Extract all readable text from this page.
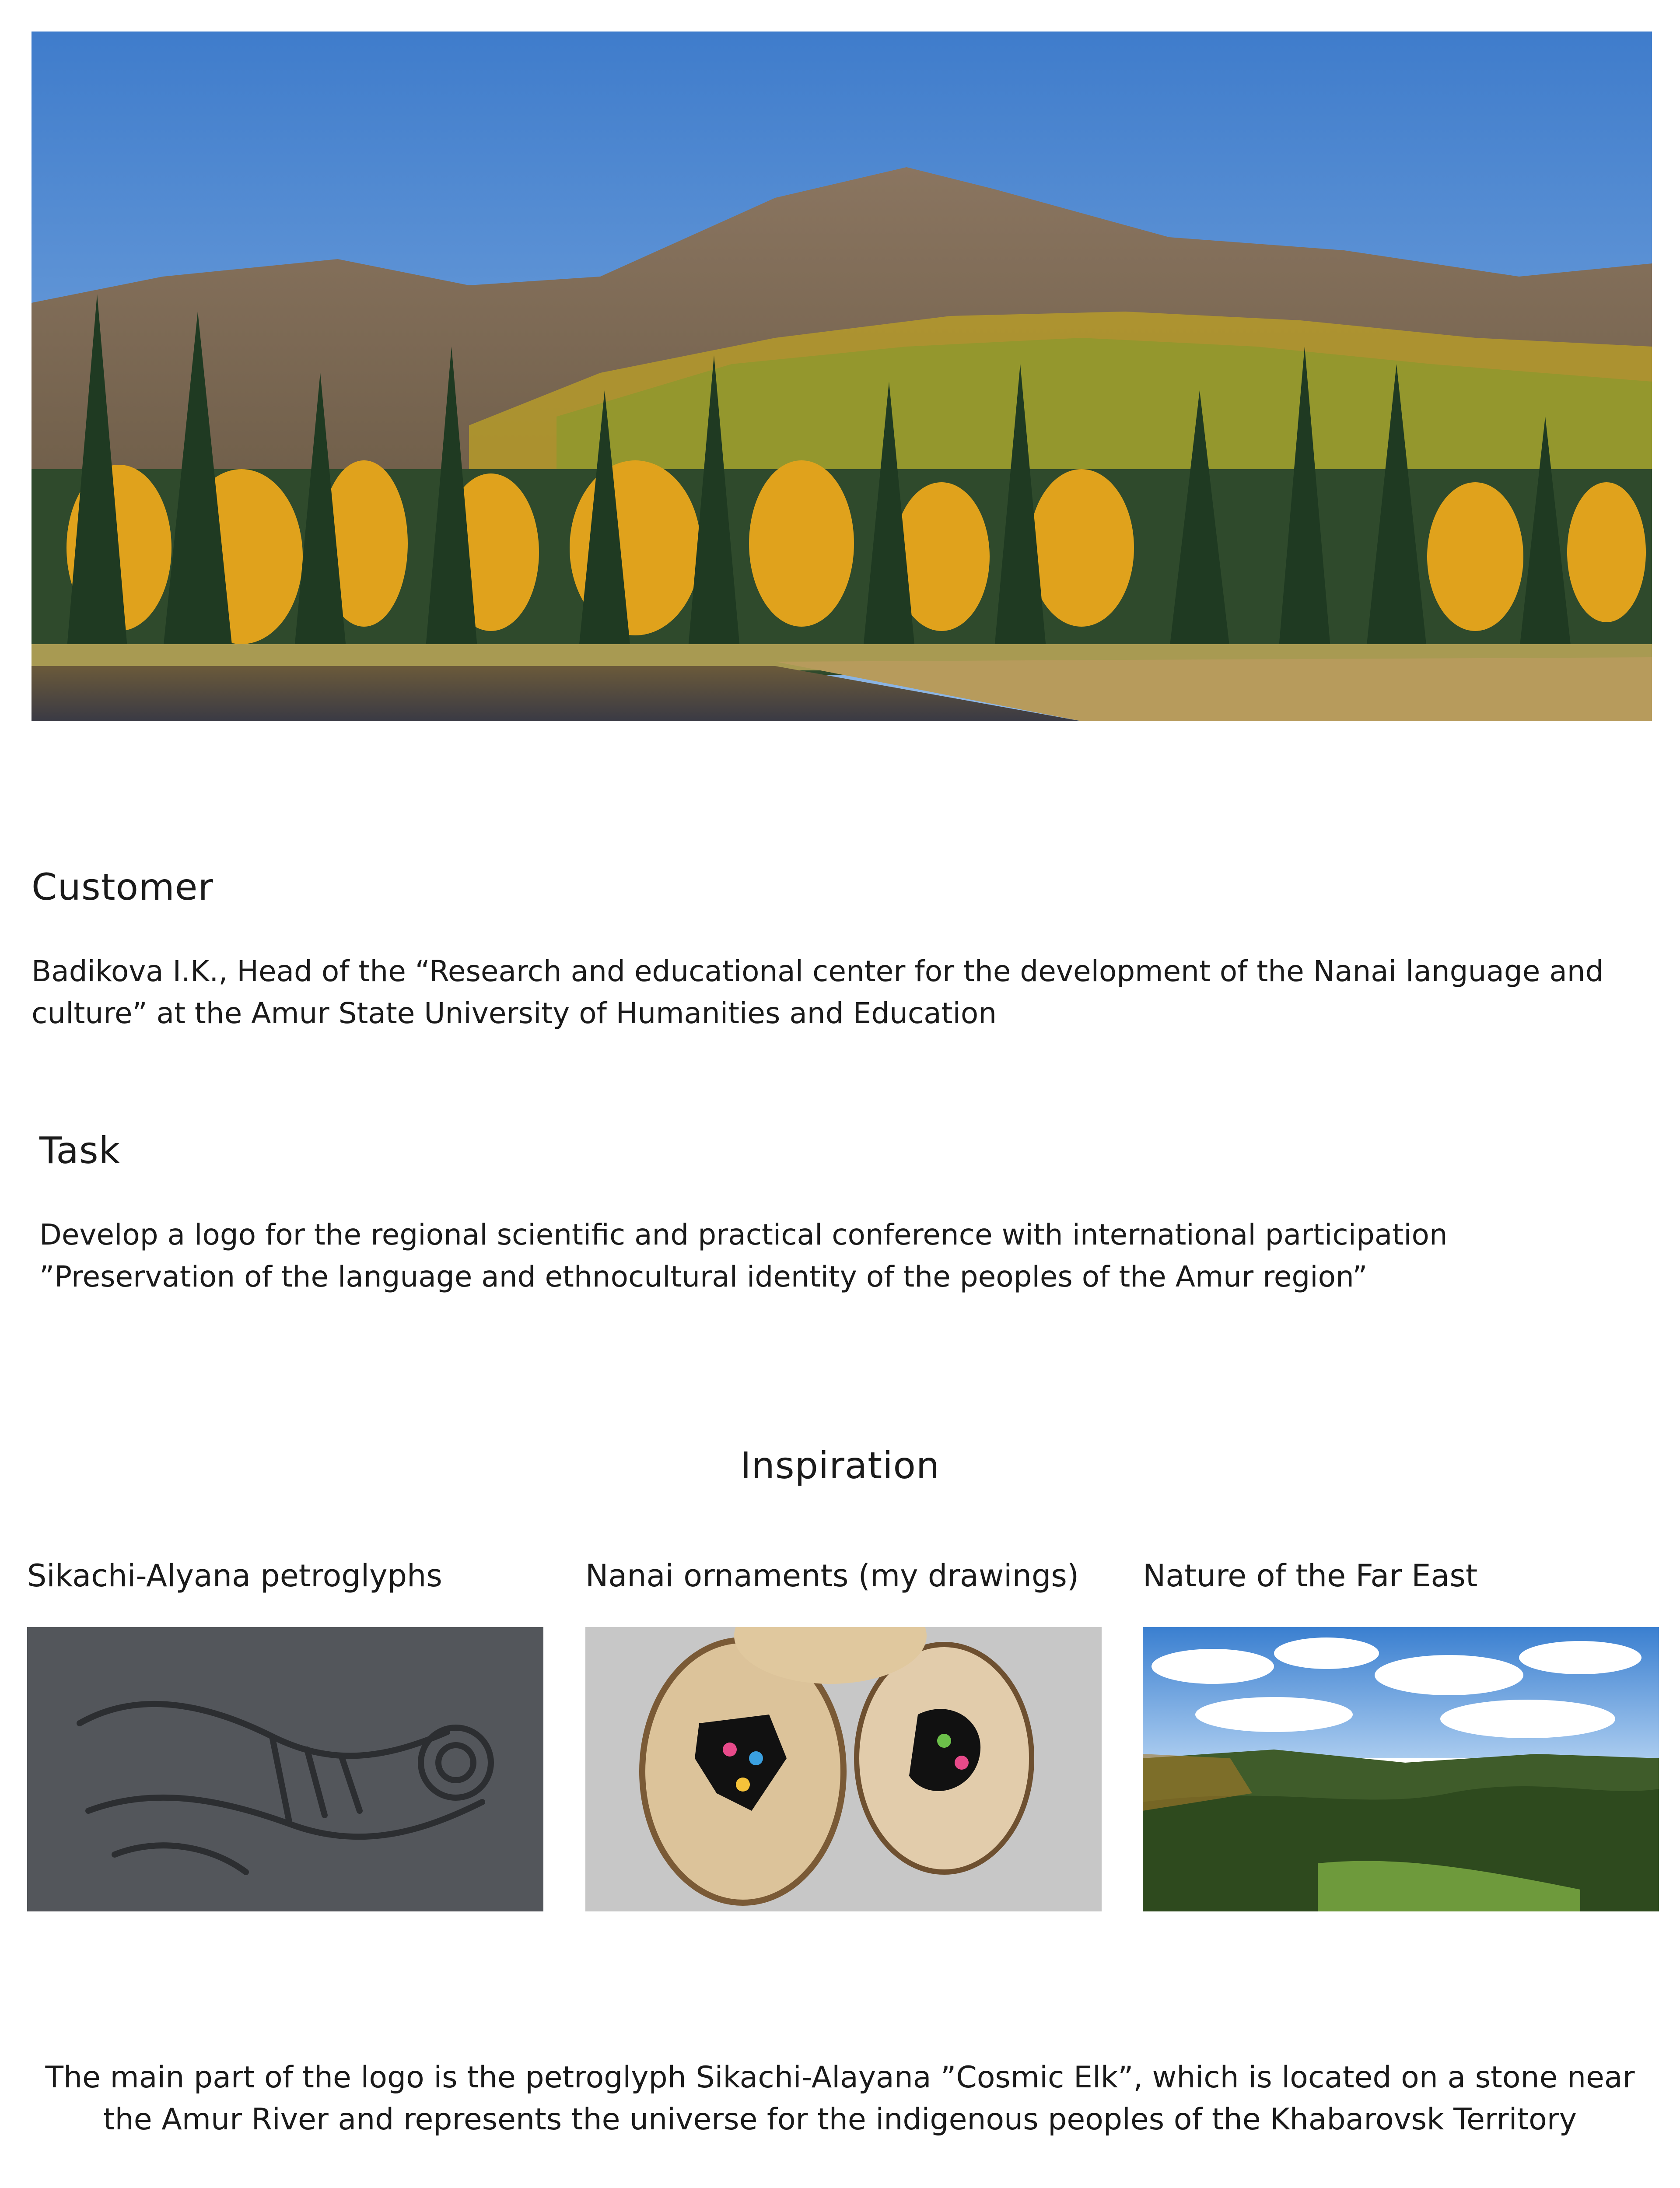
Customer

Badikova I.K., Head of the “Research and educational center for the development of the Nanai language and culture” at the Amur State University of Humanities and Education

Task

Develop a logo for the regional scientific and practical conference with international participation ”Preservation of the language and ethnocultural identity of the peoples of the Amur region”

Inspiration

Sikachi-Alyana petroglyphs	Nanai ornaments (my drawings) Nature of the Far East

The main part of the logo is the petroglyph Sikachi-Alayana ”Cosmic Elk”, which is located on a stone near the Amur River and represents the universe for the indigenous peoples of the Khabarovsk Territory
